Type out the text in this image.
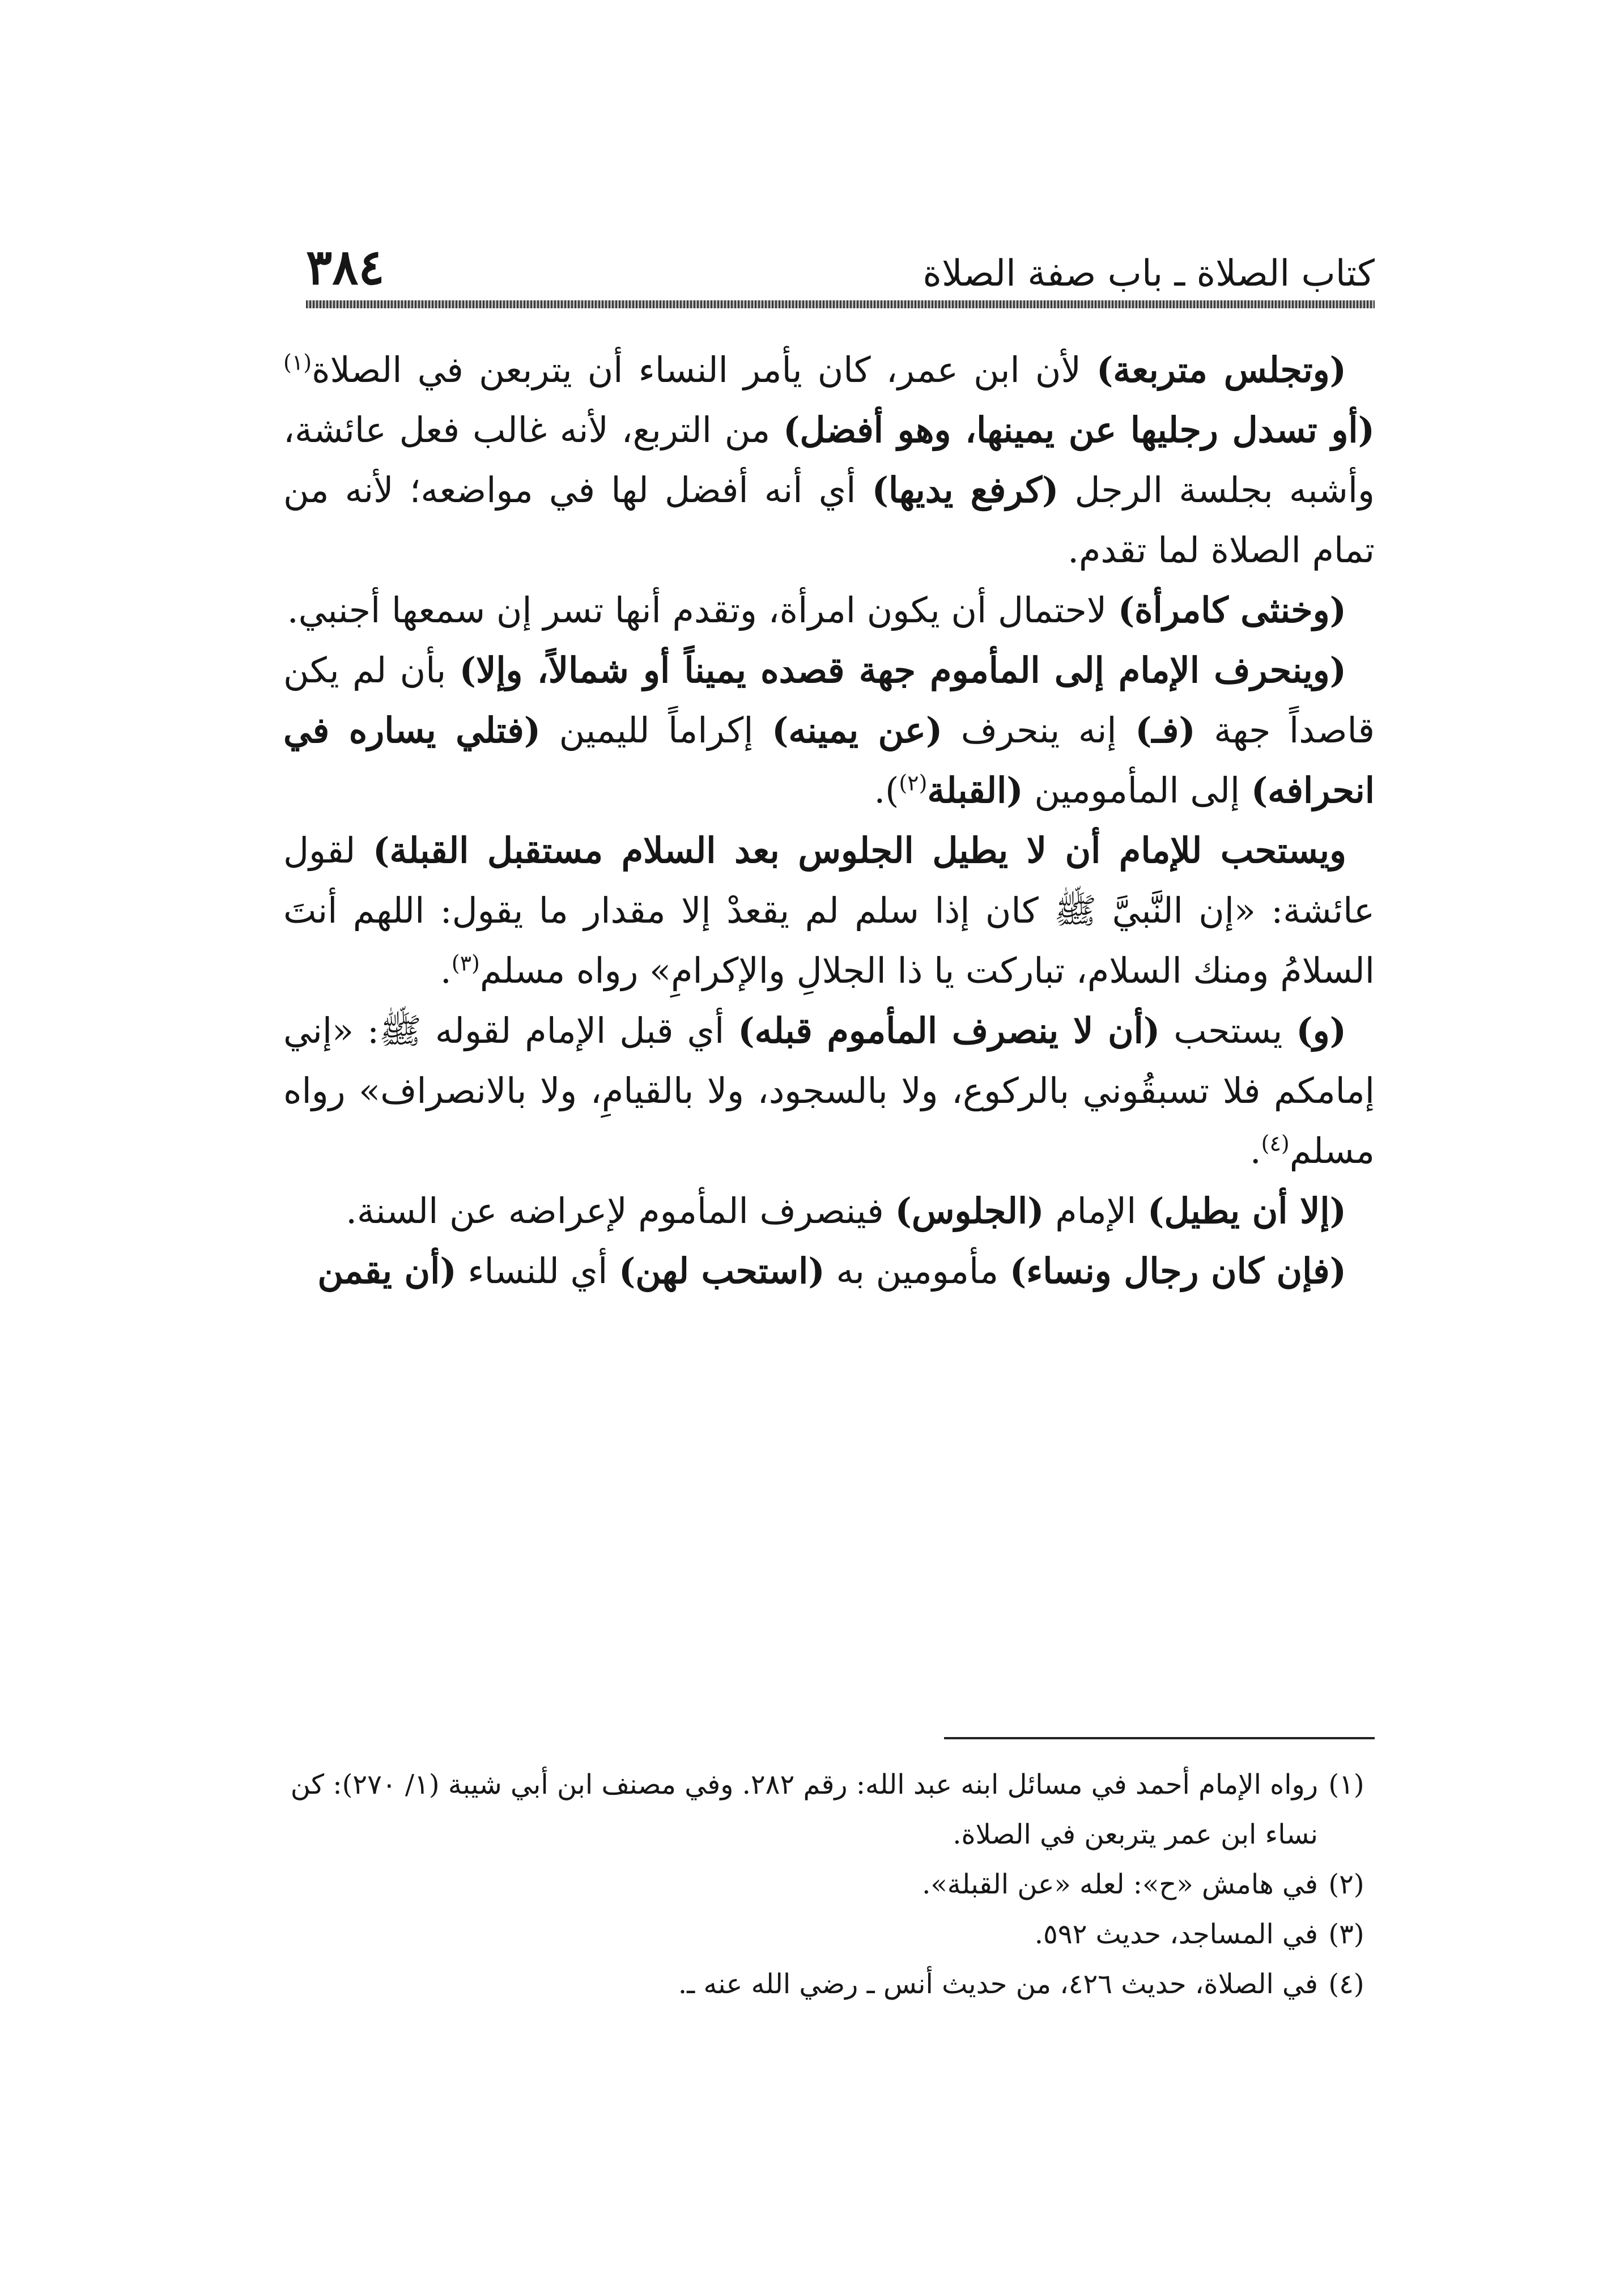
كتاب الصلاة ـ باب صفة الصلاة
٣٨٤

(وتجلس متربعة) لأن ابن عمر، كان يأمر النساء أن يتربعن في الصلاة$^{(١)}$ (أو تسدل رجليها عن يمينها، وهو أفضل) من التربع، لأنه غالب فعل عائشة، وأشبه بجلسة الرجل (كرفع يديها) أي أنه أفضل لها في مواضعه؛ لأنه من تمام الصلاة لما تقدم.

(وخنثى كامرأة) لاحتمال أن يكون امرأة، وتقدم أنها تسر إن سمعها أجنبي.

(وينحرف الإمام إلى المأموم جهة قصده يميناً أو شمالاً، وإلا) بأن لم يكن قاصداً جهة (فـ) إنه ينحرف (عن يمينه) إكراماً لليمين (فتلي يساره في انحرافه) إلى المأمومين (القبلة$^{(٢)}$).

ويستحب للإمام أن لا يطيل الجلوس بعد السلام مستقبل القبلة) لقول عائشة: «إن النَّبيَّ ﷺ كان إذا سلم لم يقعدْ إلا مقدار ما يقول: اللهم أنتَ السلامُ ومنك السلام، تباركت يا ذا الجلالِ والإكرامِ» رواه مسلم$^{(٣)}$.

(و) يستحب (أن لا ينصرف المأموم قبله) أي قبل الإمام لقوله ﷺ: «إني إمامكم فلا تسبقُوني بالركوع، ولا بالسجود، ولا بالقيامِ، ولا بالانصراف» رواه مسلم$^{(٤)}$.

(إلا أن يطيل) الإمام (الجلوس) فينصرف المأموم لإعراضه عن السنة.

(فإن كان رجال ونساء) مأمومين به (استحب لهن) أي للنساء (أن يقمن

(١)
رواه الإمام أحمد في مسائل ابنه عبد الله: رقم ٢٨٢. وفي مصنف ابن أبي شيبة (١/ ٢٧٠): كن نساء ابن عمر يتربعن في الصلاة.
(٢)
في هامش «ح»: لعله «عن القبلة».
(٣)
في المساجد، حديث ٥٩٢.
(٤)
في الصلاة، حديث ٤٢٦، من حديث أنس ـ رضي الله عنه ـ.
